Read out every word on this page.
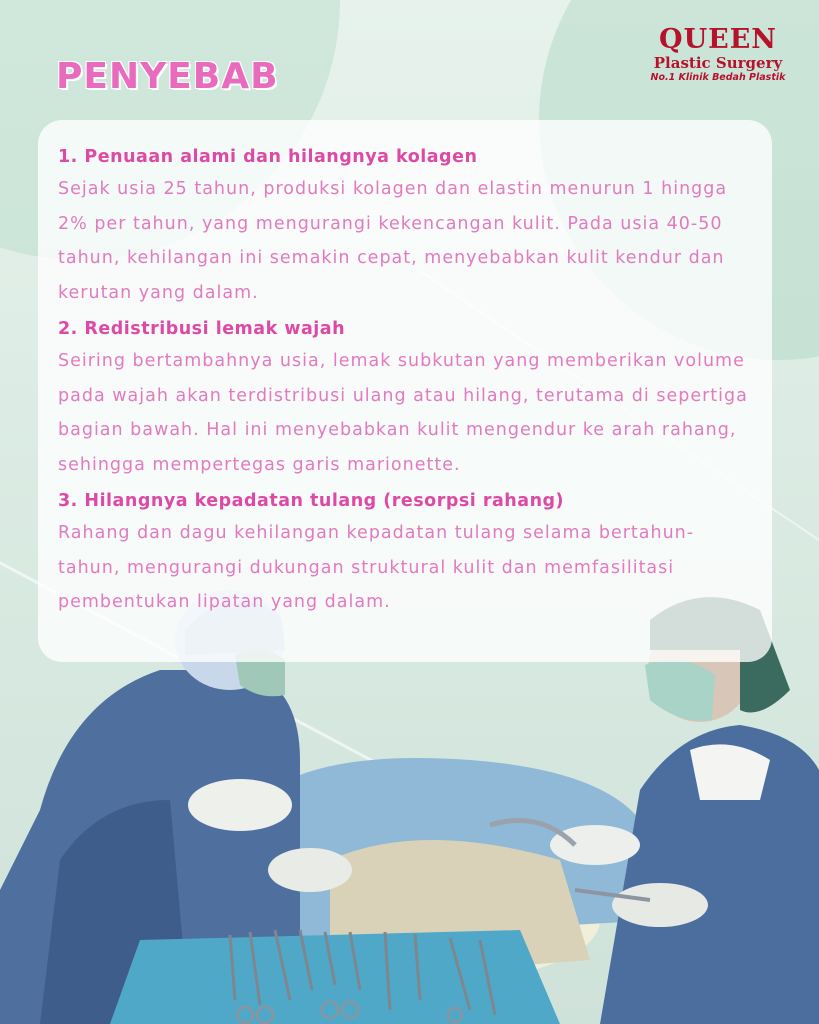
PENYEBAB
QUEEN
Plastic Surgery
No.1 Klinik Bedah Plastik
1. Penuaan alami dan hilangnya kolagen
Sejak usia 25 tahun, produksi kolagen dan elastin menurun 1 hingga 2% per tahun, yang mengurangi kekencangan kulit. Pada usia 40-50 tahun, kehilangan ini semakin cepat, menyebabkan kulit kendur dan kerutan yang dalam.
2. Redistribusi lemak wajah
Seiring bertambahnya usia, lemak subkutan yang memberikan volume pada wajah akan terdistribusi ulang atau hilang, terutama di sepertiga bagian bawah. Hal ini menyebabkan kulit mengendur ke arah rahang, sehingga mempertegas garis marionette.
3. Hilangnya kepadatan tulang (resorpsi rahang)
Rahang dan dagu kehilangan kepadatan tulang selama bertahun-tahun, mengurangi dukungan struktural kulit dan memfasilitasi pembentukan lipatan yang dalam.
